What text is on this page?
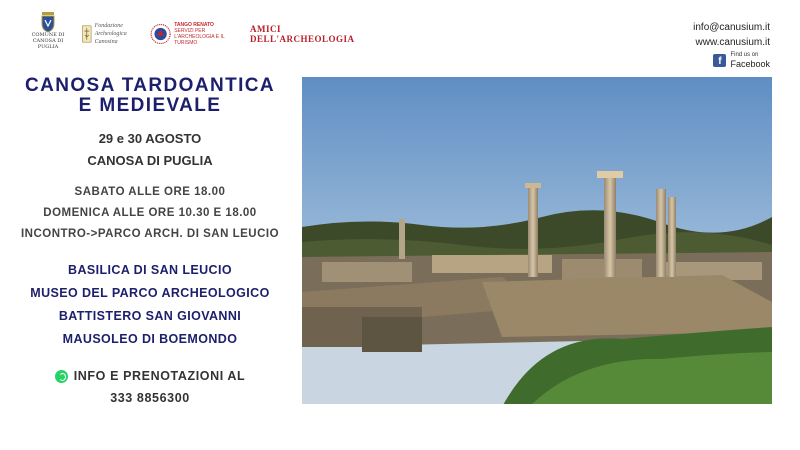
COMUNE DI CANOSA DI PUGLIA
Fondazione Archeologica Canosina
TANGO RENATO
SERVIZI PER L'ARCHEOLOGIA E IL TURISMO
AMICI
DELL'ARCHEOLOGIA
info@canusium.it
www.canusium.it
f
Find us on
Facebook
CANOSA TARDOANTICA
E MEDIEVALE
29 e 30 AGOSTO
CANOSA DI PUGLIA
SABATO ALLE ORE 18.00
DOMENICA ALLE ORE 10.30 E 18.00
INCONTRO->PARCO ARCH. DI SAN LEUCIO
BASILICA DI SAN LEUCIO
MUSEO DEL PARCO ARCHEOLOGICO
BATTISTERO SAN GIOVANNI
MAUSOLEO DI BOEMONDO
INFO E PRENOTAZIONI AL
333 8856300
